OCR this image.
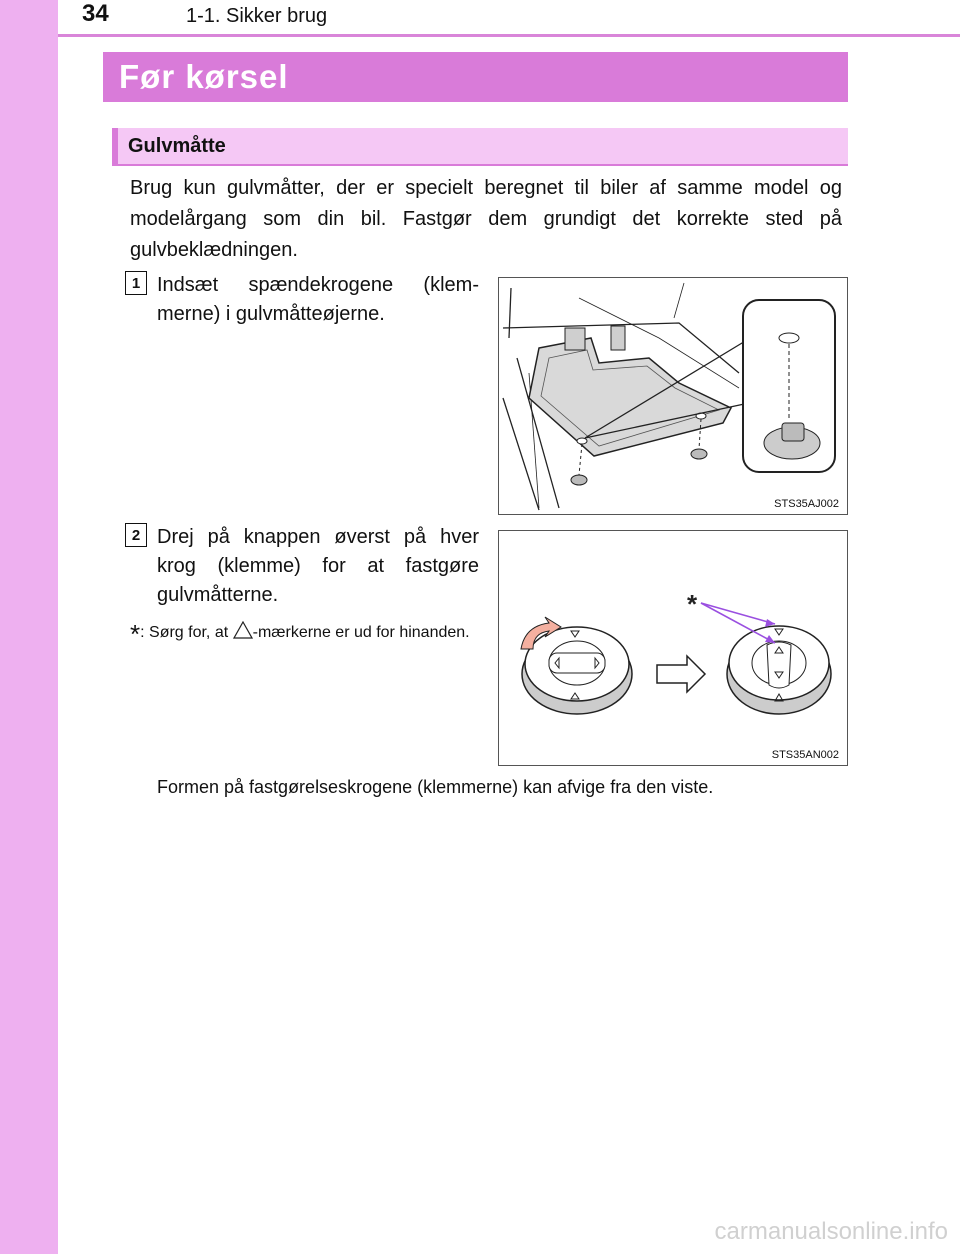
34	1-1. Sikker brug
Før kørsel
Gulvmåtte
Brug kun gulvmåtter, der er specielt beregnet til biler af samme model og modelårgang som din bil. Fastgør dem grundigt det korrekte sted på gulvbeklædningen.
1 Indsæt spændekrogene (klemmerne) i gulvmåtteøjerne.
STS35AJ002
2 Drej på knappen øverst på hver krog (klemme) for at fastgøre gulvmåtterne.
*: Sørg for, at -mærkerne er ud for hinanden.
*
STS35AN002
Formen på fastgørelseskrogene (klemmerne) kan afvige fra den viste.
carmanualsonline.info
